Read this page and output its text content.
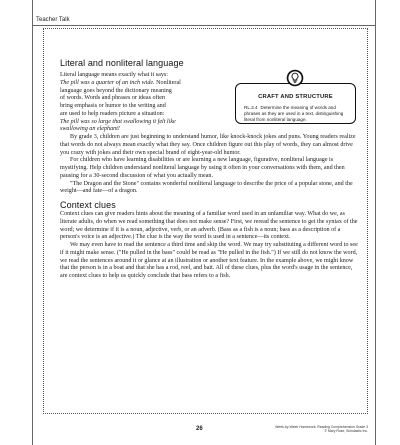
Teacher Talk
Literal and nonliteral language

Literal language means exactly what it says:

The pill was a quarter of an inch wide. Nonliteral

language goes beyond the dictionary meaning

of words. Words and phrases or ideas often

bring emphasis or humor to the writing and

are used to help readers picture a situation:

The pill was so large that swallowing it felt like

swallowing an elephant!

By grade 3, children are just beginning to understand humor, like knock-knock jokes and puns. Young readers realize that words do not always mean exactly what they say. Once children figure out this play of words, they can almost drive you crazy with jokes and their own special brand of eight-year-old humor.

For children who have learning disabilities or are learning a new language, figurative, nonliteral language is mystifying. Help children understand nonliteral language by using it often in your conversations with them, and then pausing for a 30-second discussion of what you actually mean.

"The Dragon and the Stone" contains wonderful nonliteral language to describe the price of a popular stone, and the weight—and fate—of a dragon.

Context clues

Context clues can give readers hints about the meaning of a familiar word used in an unfamiliar way. What do we, as literate adults, do when we read something that does not make sense? First, we reread the sentence to get the syntax of the word; we determine if it is a noun, adjective, verb, or an adverb. (Bass as a fish is a noun; bass as a description of a person's voice is an adjective.) The clue is the way the word is used in a sentence—its context.

We may even have to read the sentence a third time and skip the word. We may try substituting a different word to see if it might make sense. ("He pulled in the bass" could be read as "He pulled in the fish.") If we still do not know the word, we read the sentences around it or glance at an illustration or another text feature. In the example above, we might know that the person is in a boat and that she has a rod, reel, and bait. All of these clues, plus the word's usage in the sentence, are context clues to help us quickly conclude that bass refers to a fish.

CRAFT AND STRUCTURE
RL.3.4 Determine the meaning of words and phrases as they are used in a text, distinguishing literal from nonliteral language.
26	Week-by-Week Homework: Reading Comprehension Grade 3
© Mary Rose, Scholastic Inc.
